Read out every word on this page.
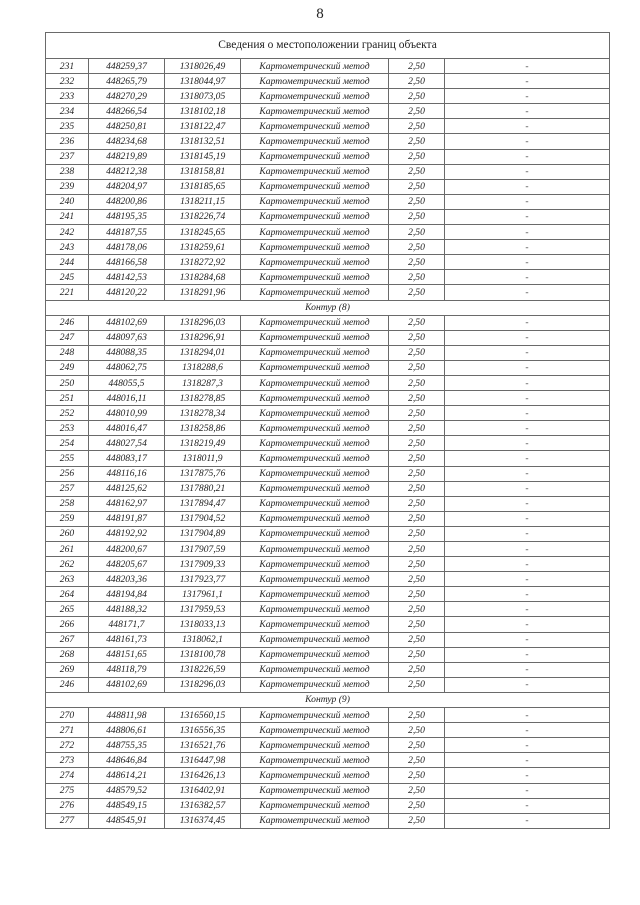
8
Сведения о местоположении границ объекта					
231	448259,37	1318026,49	Картометрический метод	2,50	-
232	448265,79	1318044,97	Картометрический метод	2,50	-
233	448270,29	1318073,05	Картометрический метод	2,50	-
234	448266,54	1318102,18	Картометрический метод	2,50	-
235	448250,81	1318122,47	Картометрический метод	2,50	-
236	448234,68	1318132,51	Картометрический метод	2,50	-
237	448219,89	1318145,19	Картометрический метод	2,50	-
238	448212,38	1318158,81	Картометрический метод	2,50	-
239	448204,97	1318185,65	Картометрический метод	2,50	-
240	448200,86	1318211,15	Картометрический метод	2,50	-
241	448195,35	1318226,74	Картометрический метод	2,50	-
242	448187,55	1318245,65	Картометрический метод	2,50	-
243	448178,06	1318259,61	Картометрический метод	2,50	-
244	448166,58	1318272,92	Картометрический метод	2,50	-
245	448142,53	1318284,68	Картометрический метод	2,50	-
221	448120,22	1318291,96	Картометрический метод	2,50	-
Контур (8)					
246	448102,69	1318296,03	Картометрический метод	2,50	-
247	448097,63	1318296,91	Картометрический метод	2,50	-
248	448088,35	1318294,01	Картометрический метод	2,50	-
249	448062,75	1318288,6	Картометрический метод	2,50	-
250	448055,5	1318287,3	Картометрический метод	2,50	-
251	448016,11	1318278,85	Картометрический метод	2,50	-
252	448010,99	1318278,34	Картометрический метод	2,50	-
253	448016,47	1318258,86	Картометрический метод	2,50	-
254	448027,54	1318219,49	Картометрический метод	2,50	-
255	448083,17	1318011,9	Картометрический метод	2,50	-
256	448116,16	1317875,76	Картометрический метод	2,50	-
257	448125,62	1317880,21	Картометрический метод	2,50	-
258	448162,97	1317894,47	Картометрический метод	2,50	-
259	448191,87	1317904,52	Картометрический метод	2,50	-
260	448192,92	1317904,89	Картометрический метод	2,50	-
261	448200,67	1317907,59	Картометрический метод	2,50	-
262	448205,67	1317909,33	Картометрический метод	2,50	-
263	448203,36	1317923,77	Картометрический метод	2,50	-
264	448194,84	1317961,1	Картометрический метод	2,50	-
265	448188,32	1317959,53	Картометрический метод	2,50	-
266	448171,7	1318033,13	Картометрический метод	2,50	-
267	448161,73	1318062,1	Картометрический метод	2,50	-
268	448151,65	1318100,78	Картометрический метод	2,50	-
269	448118,79	1318226,59	Картометрический метод	2,50	-
246	448102,69	1318296,03	Картометрический метод	2,50	-
Контур (9)					
270	448811,98	1316560,15	Картометрический метод	2,50	-
271	448806,61	1316556,35	Картометрический метод	2,50	-
272	448755,35	1316521,76	Картометрический метод	2,50	-
273	448646,84	1316447,98	Картометрический метод	2,50	-
274	448614,21	1316426,13	Картометрический метод	2,50	-
275	448579,52	1316402,91	Картометрический метод	2,50	-
276	448549,15	1316382,57	Картометрический метод	2,50	-
277	448545,91	1316374,45	Картометрический метод	2,50	-
